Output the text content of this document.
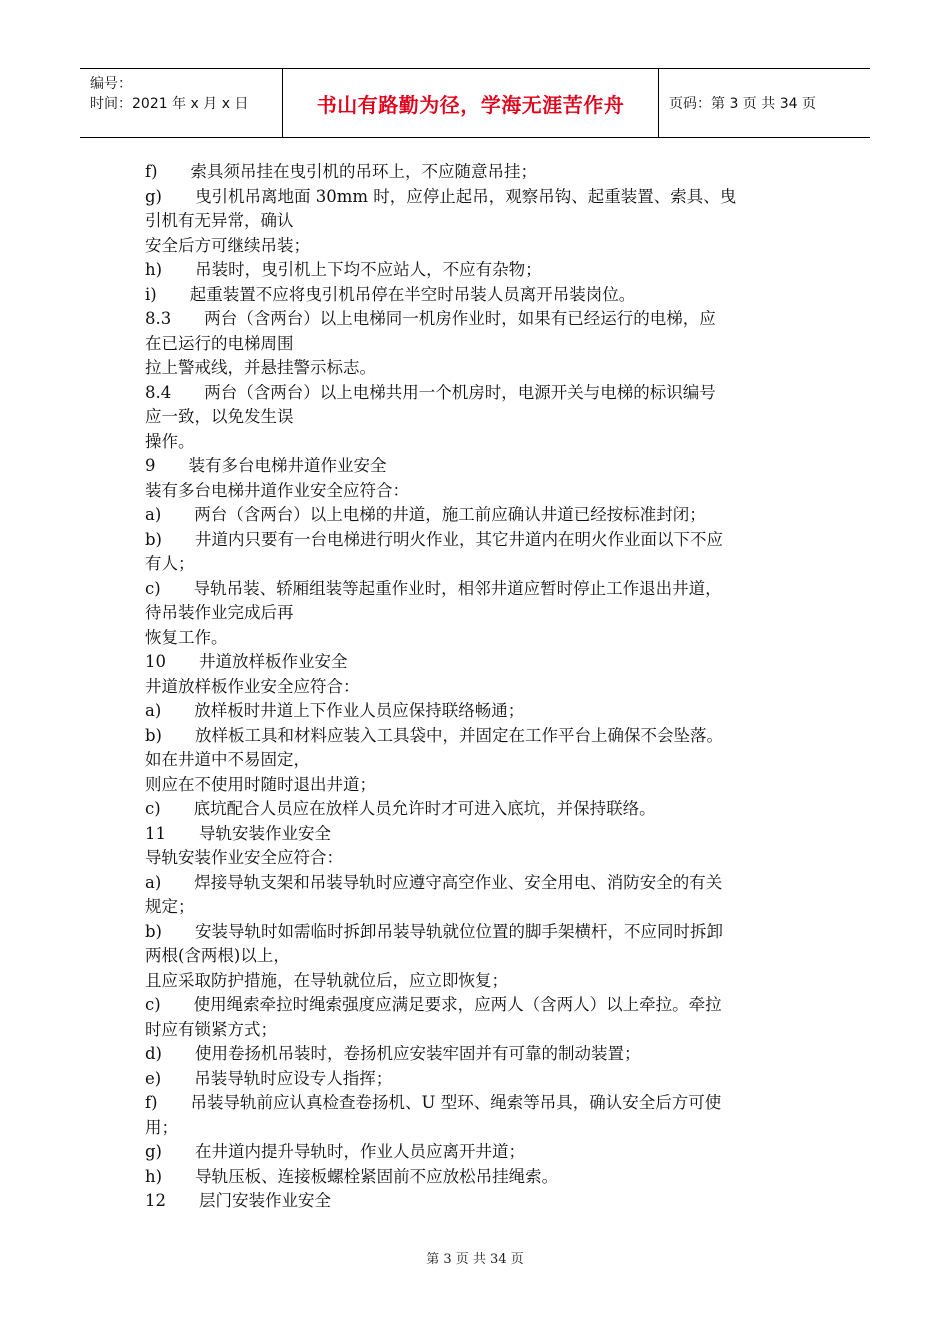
编号：
时间：2021 年 x 月 x 日	书山有路勤为径，学海无涯苦作舟	页码：第 3 页 共 34 页
f)　　索具须吊挂在曳引机的吊环上，不应随意吊挂；
g)　　曳引机吊离地面 30mm 时，应停止起吊，观察吊钩、起重装置、索具、曳
引机有无异常，确认
安全后方可继续吊装；
h)　　吊装时，曳引机上下均不应站人，不应有杂物；
i)　　起重装置不应将曳引机吊停在半空时吊装人员离开吊装岗位。
8.3　　两台（含两台）以上电梯同一机房作业时，如果有已经运行的电梯，应
在已运行的电梯周围
拉上警戒线，并悬挂警示标志。
8.4　　两台（含两台）以上电梯共用一个机房时，电源开关与电梯的标识编号
应一致，以免发生误
操作。
9　　装有多台电梯井道作业安全
装有多台电梯井道作业安全应符合：
a)　　两台（含两台）以上电梯的井道，施工前应确认井道已经按标准封闭；
b)　　井道内只要有一台电梯进行明火作业，其它井道内在明火作业面以下不应
有人；
c)　　导轨吊装、轿厢组装等起重作业时，相邻井道应暂时停止工作退出井道，
待吊装作业完成后再
恢复工作。
10　　井道放样板作业安全
井道放样板作业安全应符合：
a)　　放样板时井道上下作业人员应保持联络畅通；
b)　　放样板工具和材料应装入工具袋中，并固定在工作平台上确保不会坠落。
如在井道中不易固定，
则应在不使用时随时退出井道；
c)　　底坑配合人员应在放样人员允许时才可进入底坑，并保持联络。
11　　导轨安装作业安全
导轨安装作业安全应符合：
a)　　焊接导轨支架和吊装导轨时应遵守高空作业、安全用电、消防安全的有关
规定；
b)　　安装导轨时如需临时拆卸吊装导轨就位位置的脚手架横杆，不应同时拆卸
两根(含两根)以上，
且应采取防护措施，在导轨就位后，应立即恢复；
c)　　使用绳索牵拉时绳索强度应满足要求，应两人（含两人）以上牵拉。牵拉
时应有锁紧方式；
d)　　使用卷扬机吊装时，卷扬机应安装牢固并有可靠的制动装置；
e)　　吊装导轨时应设专人指挥；
f)　　吊装导轨前应认真检查卷扬机、U 型环、绳索等吊具，确认安全后方可使
用；
g)　　在井道内提升导轨时，作业人员应离开井道；
h)　　导轨压板、连接板螺栓紧固前不应放松吊挂绳索。
12　　层门安装作业安全
第 3 页 共 34 页
